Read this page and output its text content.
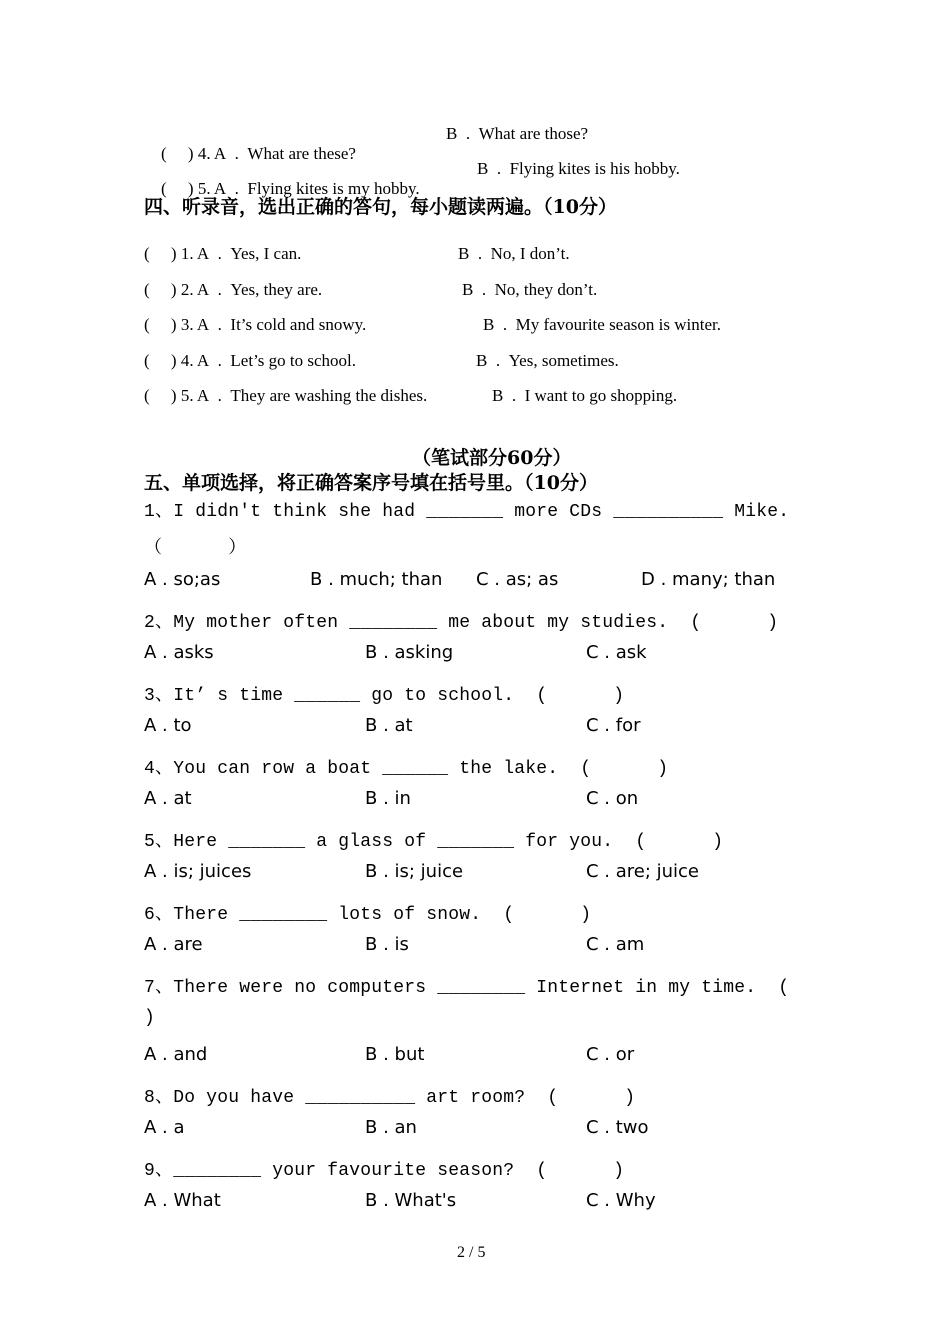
(     ) 4. A . What are these?

B . What are those?

(     ) 5. A . Flying kites is my hobby.

B . Flying kites is his hobby.
四、听录音，选出正确的答句，每小题读两遍。（10分）
(     ) 1. A . Yes, I can.	B . No, I don’t.
(     ) 2. A . Yes, they are.	B . No, they don’t.
(     ) 3. A . It’s cold and snowy.	B . My favourite season is winter.
(     ) 4. A . Let’s go to school.	B . Yes, sometimes.
(     ) 5. A . They are washing the dishes.	B . I want to go shopping.
（笔试部分60分）
五、单项选择，将正确答案序号填在括号里。（10分）
1、I didn't think she had _______ more CDs __________ Mike.
（      ）
A . so;as	B . much; than C . as; as	D . many; than
2、My mother often ________ me about my studies.  (      )
A . asks	B . asking	C . ask
3、It’ s time ______ go to school.  (      )
A . to	B . at	C . for
4、You can row a boat ______ the lake.  (      )
A . at	B . in	C . on
5、Here _______ a glass of _______ for you.  (      )
A . is; juices	B . is; juice	C . are; juice
6、There ________ lots of snow.  (      )
A . are	B . is	C . am
7、There were no computers ________ Internet in my time.  (
)
A . and	B . but	C . or
8、Do you have __________ art room?  (      )
A . a	B . an	C . two
9、________ your favourite season?  (      )
A . What	B . What's	C . Why
2 / 5
